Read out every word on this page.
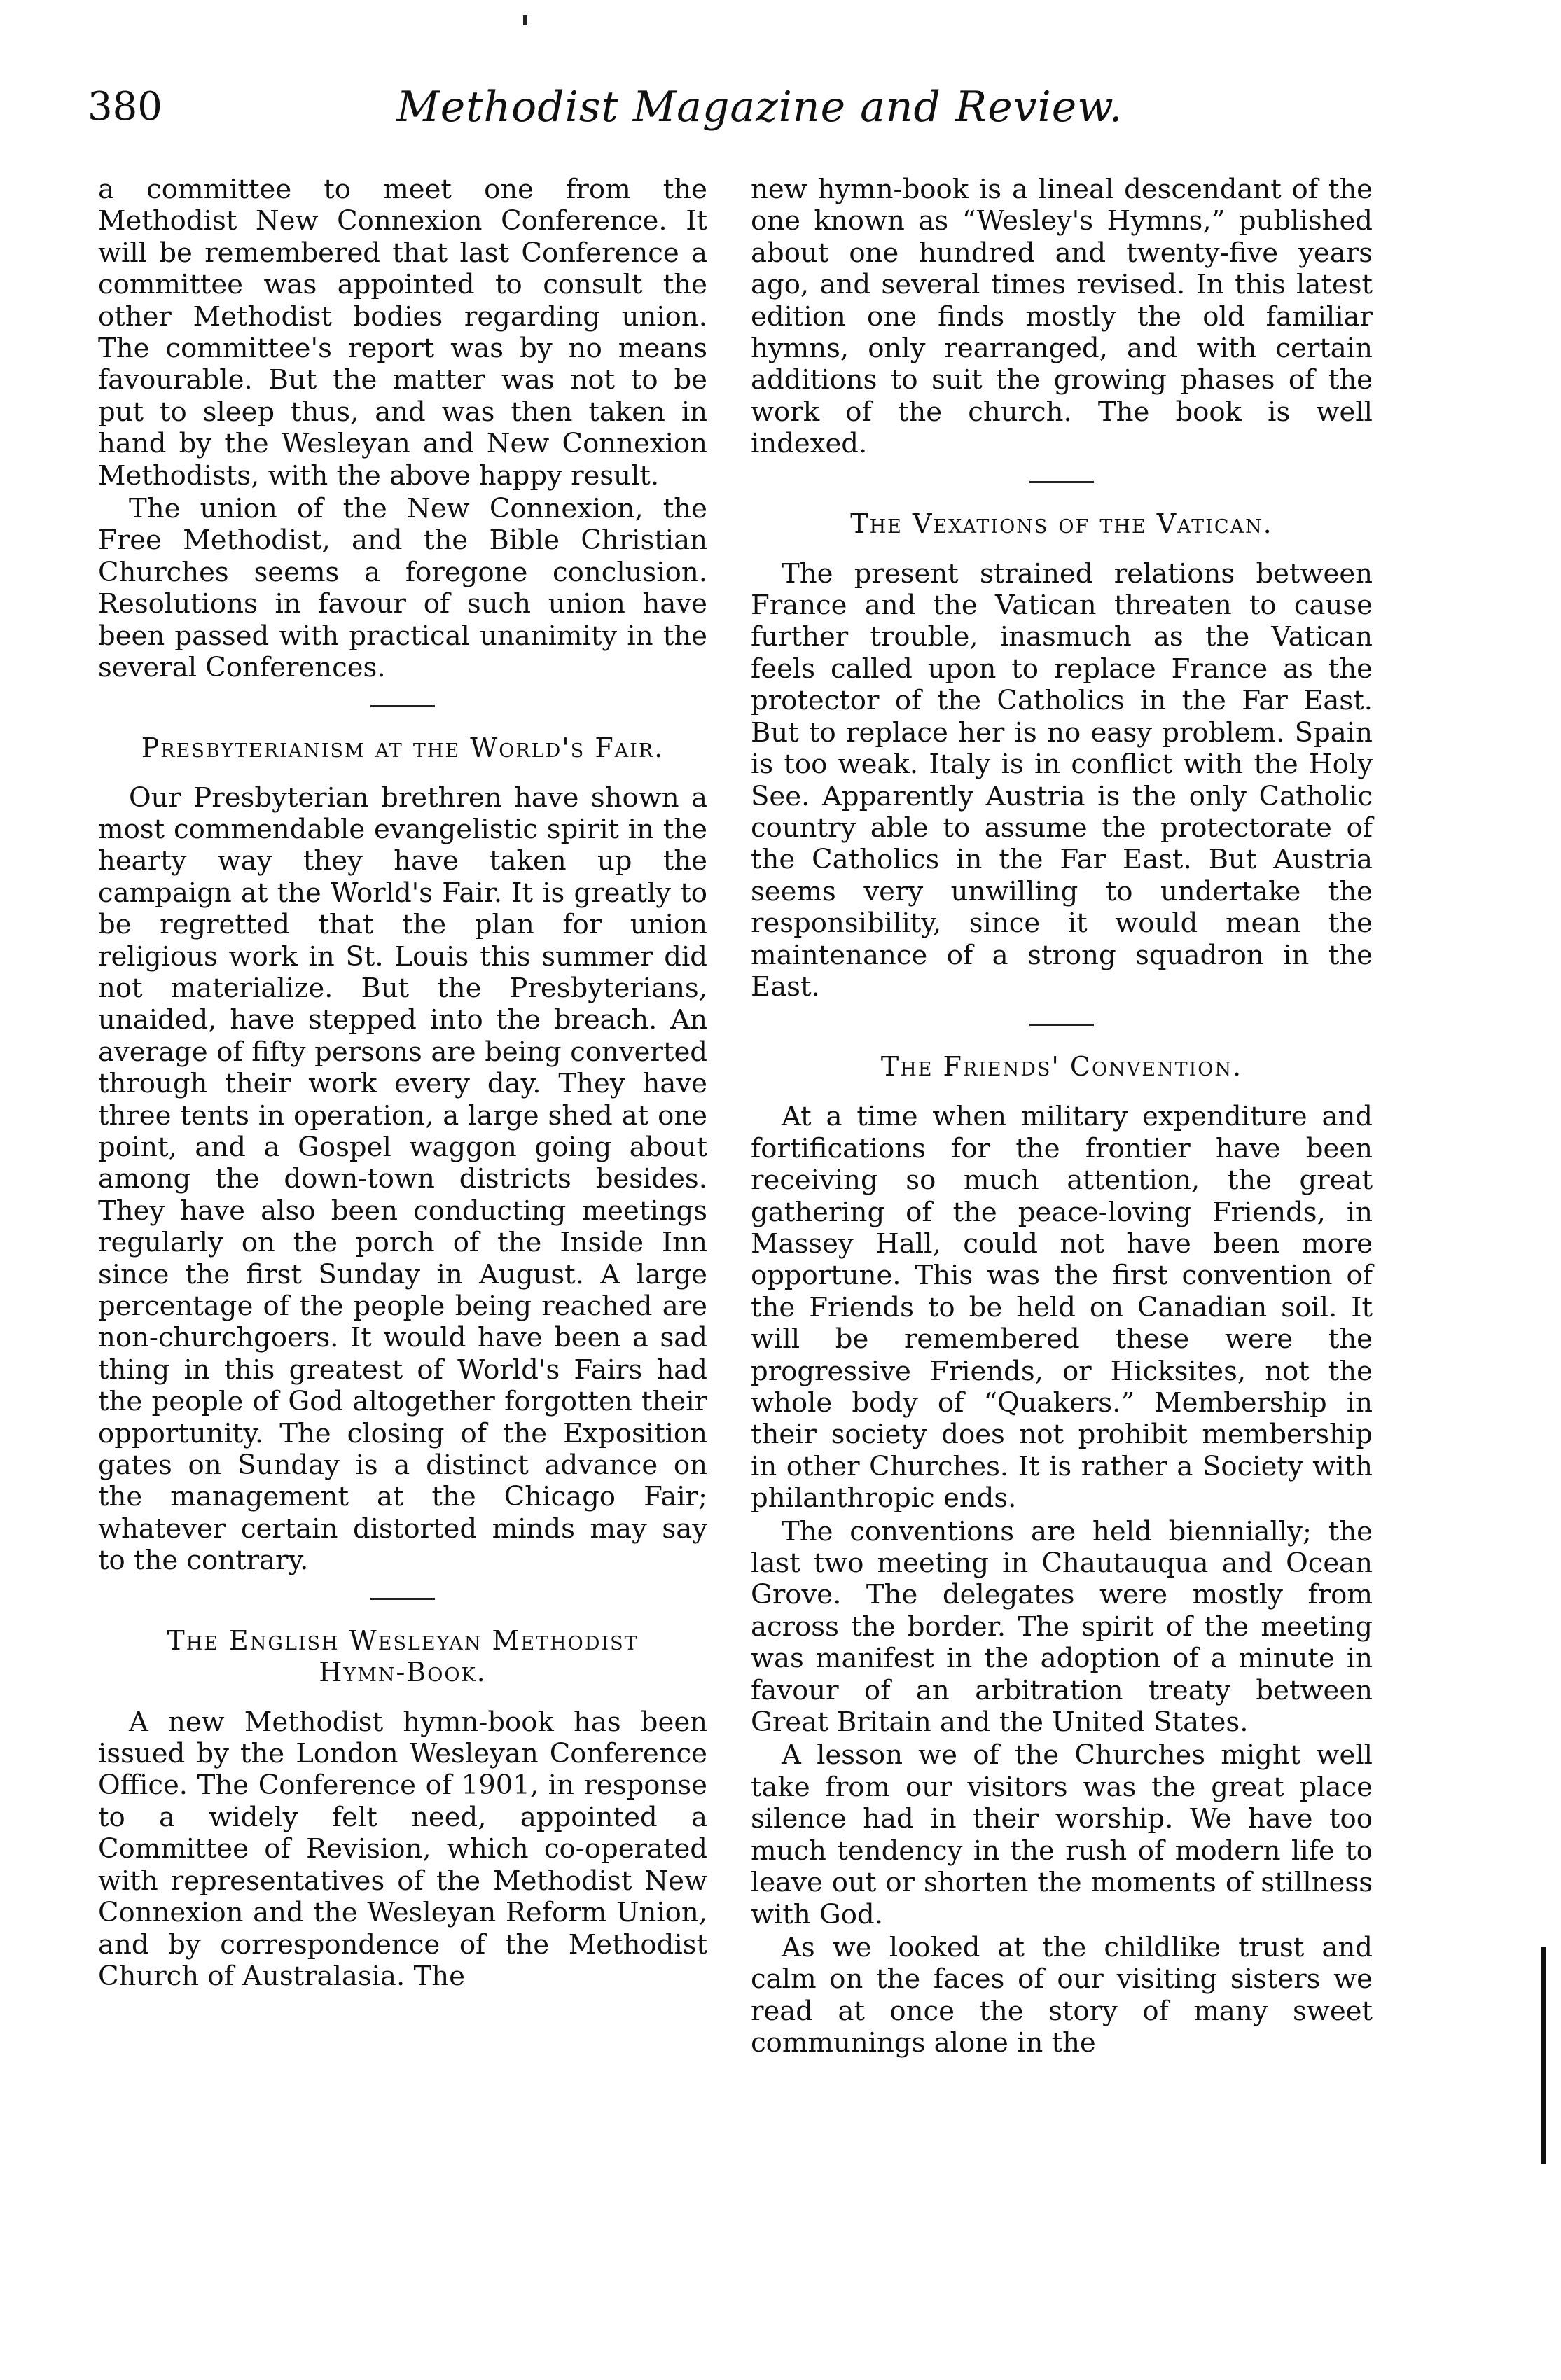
380	Methodist Magazine and Review.

a committee to meet one from the Methodist New Connexion Conference. It will be remembered that last Conference a committee was appointed to consult the other Methodist bodies regarding union. The committee's report was by no means favourable. But the matter was not to be put to sleep thus, and was then taken in hand by the Wesleyan and New Connexion Methodists, with the above happy result.

The union of the New Connexion, the Free Methodist, and the Bible Christian Churches seems a foregone conclusion. Resolutions in favour of such union have been passed with practical unanimity in the several Conferences.

Presbyterianism at the World's Fair.

Our Presbyterian brethren have shown a most commendable evangelistic spirit in the hearty way they have taken up the campaign at the World's Fair. It is greatly to be regretted that the plan for union religious work in St. Louis this summer did not materialize. But the Presbyterians, unaided, have stepped into the breach. An average of fifty persons are being converted through their work every day. They have three tents in operation, a large shed at one point, and a Gospel waggon going about among the down-town districts besides. They have also been conducting meetings regularly on the porch of the Inside Inn since the first Sunday in August. A large percentage of the people being reached are non-churchgoers. It would have been a sad thing in this greatest of World's Fairs had the people of God altogether forgotten their opportunity. The closing of the Exposition gates on Sunday is a distinct advance on the management at the Chicago Fair; whatever certain distorted minds may say to the contrary.

The English Wesleyan Methodist Hymn-Book.

A new Methodist hymn-book has been issued by the London Wesleyan Conference Office. The Conference of 1901, in response to a widely felt need, appointed a Committee of Revision, which co-operated with representatives of the Methodist New Connexion and the Wesleyan Reform Union, and by correspondence of the Methodist Church of Australasia. The

new hymn-book is a lineal descendant of the one known as “Wesley's Hymns,” published about one hundred and twenty-five years ago, and several times revised. In this latest edition one finds mostly the old familiar hymns, only rearranged, and with certain additions to suit the growing phases of the work of the church. The book is well indexed.

The Vexations of the Vatican.

The present strained relations between France and the Vatican threaten to cause further trouble, inasmuch as the Vatican feels called upon to replace France as the protector of the Catholics in the Far East. But to replace her is no easy problem. Spain is too weak. Italy is in conflict with the Holy See. Apparently Austria is the only Catholic country able to assume the protectorate of the Catholics in the Far East. But Austria seems very unwilling to undertake the responsibility, since it would mean the maintenance of a strong squadron in the East.

The Friends' Convention.

At a time when military expenditure and fortifications for the frontier have been receiving so much attention, the great gathering of the peace-loving Friends, in Massey Hall, could not have been more opportune. This was the first convention of the Friends to be held on Canadian soil. It will be remembered these were the progressive Friends, or Hicksites, not the whole body of “Quakers.” Membership in their society does not prohibit membership in other Churches. It is rather a Society with philanthropic ends.

The conventions are held biennially; the last two meeting in Chautauqua and Ocean Grove. The delegates were mostly from across the border. The spirit of the meeting was manifest in the adoption of a minute in favour of an arbitration treaty between Great Britain and the United States.

A lesson we of the Churches might well take from our visitors was the great place silence had in their worship. We have too much tendency in the rush of modern life to leave out or shorten the moments of stillness with God.

As we looked at the childlike trust and calm on the faces of our visiting sisters we read at once the story of many sweet communings alone in the
